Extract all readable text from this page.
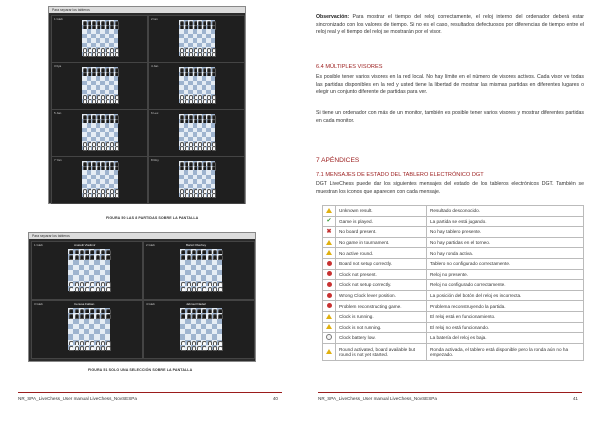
Para separar los tableros
1 Gleb	2 Ian
3 Ilya	4 Jan
5 Jan	6 Lex
7 Yan	8 Roy
FIGURA 50 LAS 8 PARTIDAS SOBRE LA PANTALLA
Para separar los tableros
1 Gleb	Anatolii Vladimir	2 Gleb	Bartol Oberbey
3 Gleb	Cenusa Fabian	4 Gleb	Jabrouil Naderi
FIGURA 51 SOLO UNA SELECCIÓN SOBRE LA PANTALLA
NR_SPA_LiveChess_User manual LiveChess_NovSESPa	40
Observación: Para mostrar el tiempo del reloj correctamente, el reloj interno del ordenador deberá estar sincronizado con los valores de tiempo. Si no es el caso, resultados defectuosos por diferencias de tiempo entre el reloj real y el tiempo del reloj se mostrarán por el visor.
6.4 MÚLTIPLES VISORES
Es posible tener varios visores en la red local. No hay límite en el número de visores activos. Cada visor ve todas las partidas disponibles en la red y usted tiene la libertad de mostrar las mismas partidas en diferentes lugares o elegir un conjunto diferente de partidas para ver.
Si tiene un ordenador con más de un monitor, también es posible tener varios visores y mostrar diferentes partidas en cada monitor.
7 APÉNDICES
7.1 MENSAJES DE ESTADO DEL TABLERO ELECTRÓNICO DGT
DGT LiveChess puede dar los siguientes mensajes del estado de los tableros electrónicos DGT. También se muestran los iconos que aparecen con cada mensaje.
	Unknown result.	Resultado desconocido.
✔	Game is played.	La partida se está jugando.
✖	No board present.	No hay tablero presente.
	No game in tournament.	No hay partidas en el torneo.
	No active round.	No hay ronda activa.
	Board not setup correctly.	Tablero no configurado correctamente.
	Clock not present.	Reloj no presente.
	Clock not setup correctly.	Reloj no configurado correctamente.
	Wrong Clock lever position.	La posición del botón del reloj es incorrecta.
	Problem reconstructing game.	Problema reconstruyendo la partida.
	Clock is running.	El reloj está en funcionamiento.
	Clock is not running.	El reloj no está funcionando.
	Clock battery low.	La batería del reloj es baja.
	Round activated, board available but round is not yet started.	Ronda activada, el tablero está disponible pero la ronda aún no ha empezado.
NR_SPA_LiveChess_User manual LiveChess_NovSESPa	41
